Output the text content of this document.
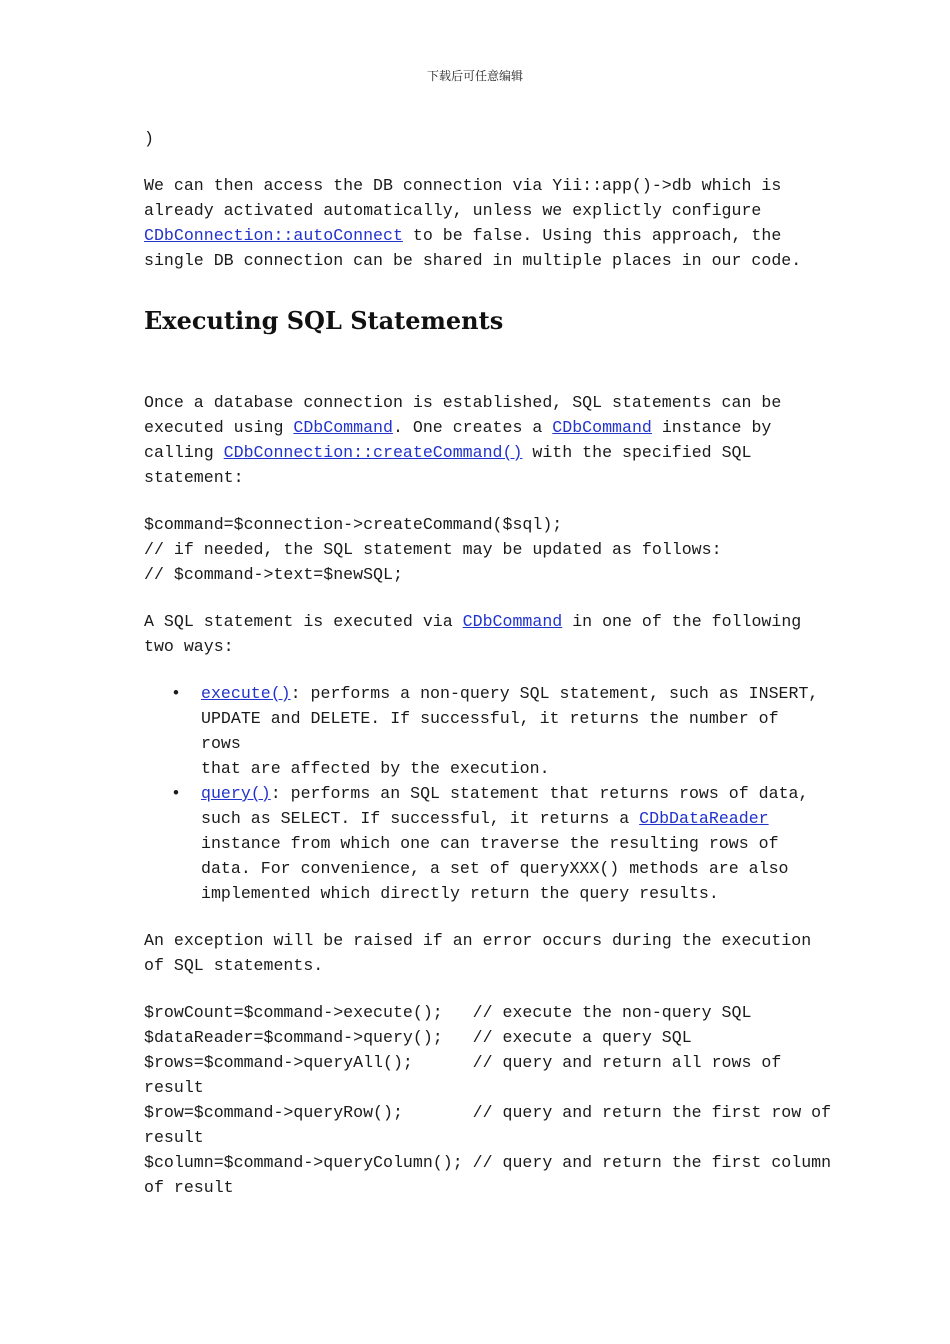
下载后可任意编辑

)

We can then access the DB connection via Yii::app()->db which is

already activated automatically, unless we explictly configure

CDbConnection::autoConnect to be false. Using this approach, the

single DB connection can be shared in multiple places in our code.

Executing SQL Statements

Once a database connection is established, SQL statements can be

executed using CDbCommand. One creates a CDbCommand instance by

calling CDbConnection::createCommand() with the specified SQL

statement:

$command=$connection->createCommand($sql);
// if needed, the SQL statement may be updated as follows:
// $command->text=$newSQL;

A SQL statement is executed via CDbCommand in one of the following

two ways:

• execute(): performs a non-query SQL statement, such as INSERT,

UPDATE and DELETE. If successful, it returns the number of rows

that are affected by the execution.

• query(): performs an SQL statement that returns rows of data,

such as SELECT. If successful, it returns a CDbDataReader

instance from which one can traverse the resulting rows of

data. For convenience, a set of queryXXX() methods are also

implemented which directly return the query results.

An exception will be raised if an error occurs during the execution

of SQL statements.

$rowCount=$command->execute();   // execute the non-query SQL
$dataReader=$command->query();   // execute a query SQL
$rows=$command->queryAll();      // query and return all rows of
result
$row=$command->queryRow();       // query and return the first row of
result
$column=$command->queryColumn(); // query and return the first column
of result
